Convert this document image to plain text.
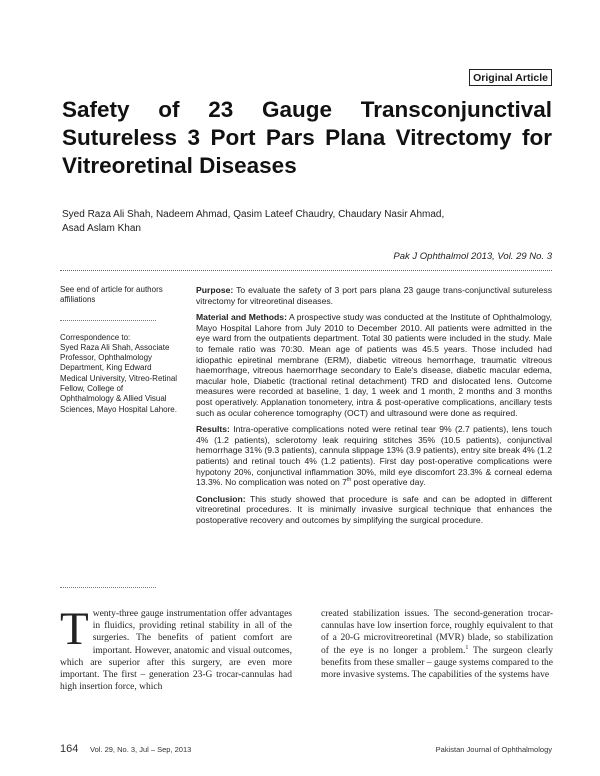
Original Article
Safety of 23 Gauge Transconjunctival Sutureless 3 Port Pars Plana Vitrectomy for Vitreoretinal Diseases
Syed Raza Ali Shah, Nadeem Ahmad, Qasim Lateef Chaudry, Chaudary Nasir Ahmad,
Asad Aslam Khan
Pak J Ophthalmol 2013, Vol. 29 No. 3
See end of article for authors affiliations
Correspondence to:
Syed Raza Ali Shah, Associate Professor, Ophthalmology Department, King Edward Medical University, Vitreo-Retinal Fellow, College of Ophthalmology & Allied Visual Sciences, Mayo Hospital Lahore.

Purpose: To evaluate the safety of 3 port pars plana 23 gauge trans-conjunctival sutureless vitrectomy for vitreoretinal diseases.

Material and Methods: A prospective study was conducted at the Institute of Ophthalmology, Mayo Hospital Lahore from July 2010 to December 2010. All patients were admitted in the eye ward from the outpatients department. Total 30 patients were included in the study. Male to female ratio was 70:30. Mean age of patients was 45.5 years. Those included had idiopathic epiretinal membrane (ERM), diabetic vitreous hemorrhage, traumatic vitreous haemorrhage, vitreous haemorrhage secondary to Eale's disease, diabetic macular edema, macular hole, Diabetic (tractional retinal detachment) TRD and dislocated lens. Outcome measures were recorded at baseline, 1 day, 1 week and 1 month, 2 months and 3 months post operatively. Applanation tonometery, intra & post-operative complications, ancillary tests such as ocular coherence tomography (OCT) and ultrasound were done as required.

Results: Intra-operative complications noted were retinal tear 9% (2.7 patients), lens touch 4% (1.2 patients), sclerotomy leak requiring stitches 35% (10.5 patients), conjunctival hemorrhage 31% (9.3 patients), cannula slippage 13% (3.9 patients), entry site break 4% (1.2 patients) and retinal touch 4% (1.2 patients). First day post-operative complications were hypotony 20%, conjunctival inflammation 30%, mild eye discomfort 23.3% & corneal edema 13.3%. No complication was noted on 7th post operative day.

Conclusion: This study showed that procedure is safe and can be adopted in different vitreoretinal procedures. It is minimally invasive surgical technique that enhances the postoperative recovery and outcomes by simplifying the surgical procedure.

T wenty-three gauge instrumentation offer advantages in fluidics, providing retinal stability in all of the surgeries. The benefits of patient comfort are important. However, anatomic and visual outcomes, which are superior after this surgery, are even more important. The first – generation 23-G trocar-cannulas had high insertion force, which
created stabilization issues. The second-generation trocar-cannulas have low insertion force, roughly equivalent to that of a 20-G microvitreoretinal (MVR) blade, so stabilization of the eye is no longer a problem.$^1$ The surgeon clearly benefits from these smaller – gauge systems compared to the more invasive systems. The capabilities of the systems have
164 Vol. 29, No. 3, Jul – Sep, 2013	Pakistan Journal of Ophthalmology
